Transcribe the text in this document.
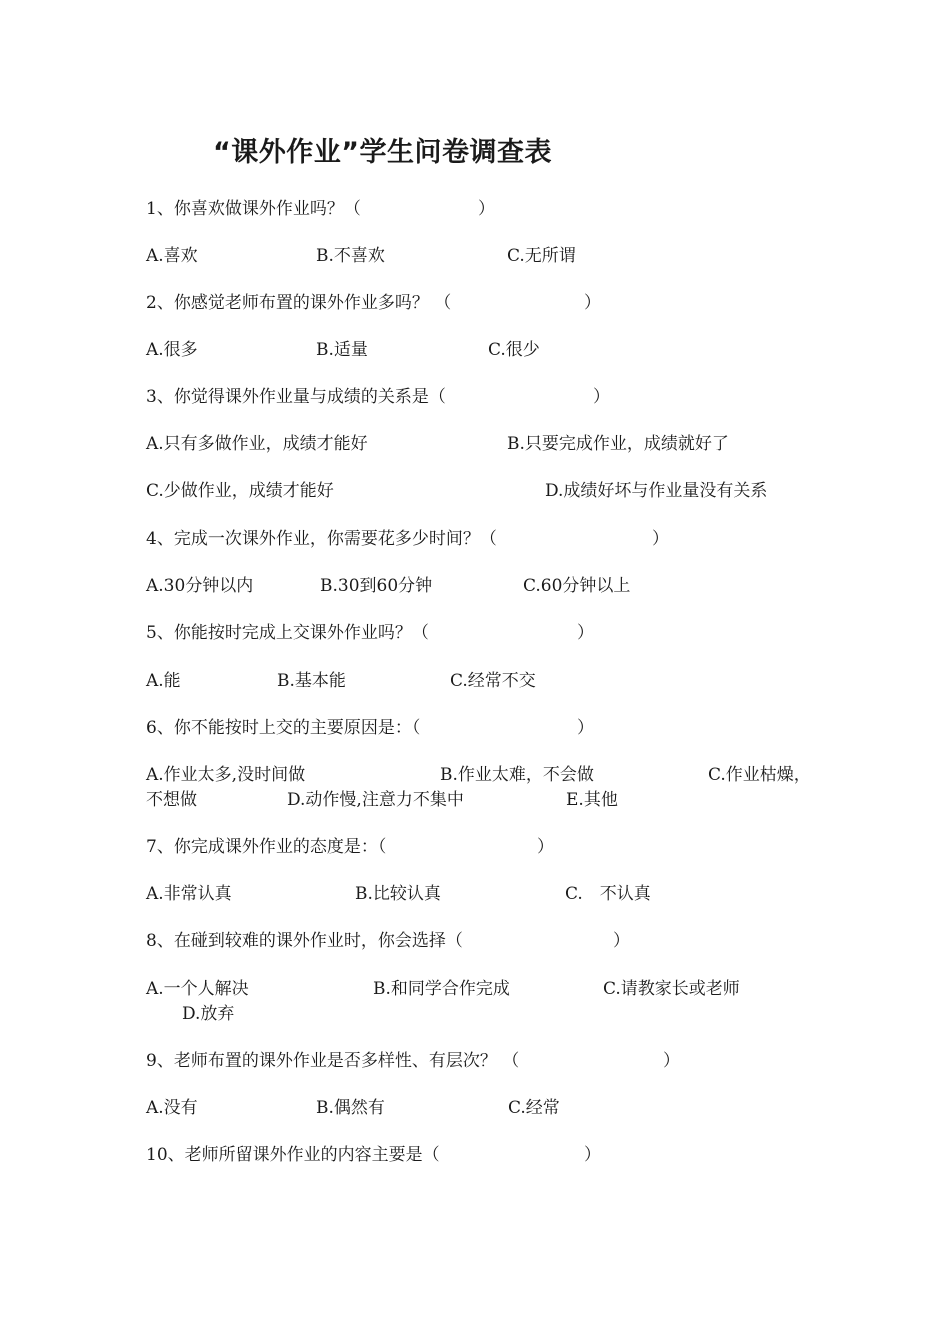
“课外作业”学生问卷调查表
1、你喜欢做课外作业吗？（	）
A.喜欢	B.不喜欢	C.无所谓
2、你感觉老师布置的课外作业多吗？ （	）
A.很多	B.适量	C.很少
3、你觉得课外作业量与成绩的关系是（	）
A.只有多做作业，成绩才能好	B.只要完成作业，成绩就好了
C.少做作业，成绩才能好	D.成绩好坏与作业量没有关系
4、完成一次课外作业，你需要花多少时间？（	）
A.30分钟以内	B.30到60分钟	C.60分钟以上
5、你能按时完成上交课外作业吗？（	）
A.能	B.基本能	C.经常不交
6、你不能按时上交的主要原因是：（	）
A.作业太多,没时间做	B.作业太难，不会做	C.作业枯燥，
不想做	D.动作慢,注意力不集中	E.其他
7、你完成课外作业的态度是：（	）
A.非常认真	B.比较认真	C.　不认真
8、在碰到较难的课外作业时，你会选择（	）
A.一个人解决	B.和同学合作完成	C.请教家长或老师
D.放弃
9、老师布置的课外作业是否多样性、有层次？ （	）
A.没有	B.偶然有	C.经常
10、老师所留课外作业的内容主要是（	）
